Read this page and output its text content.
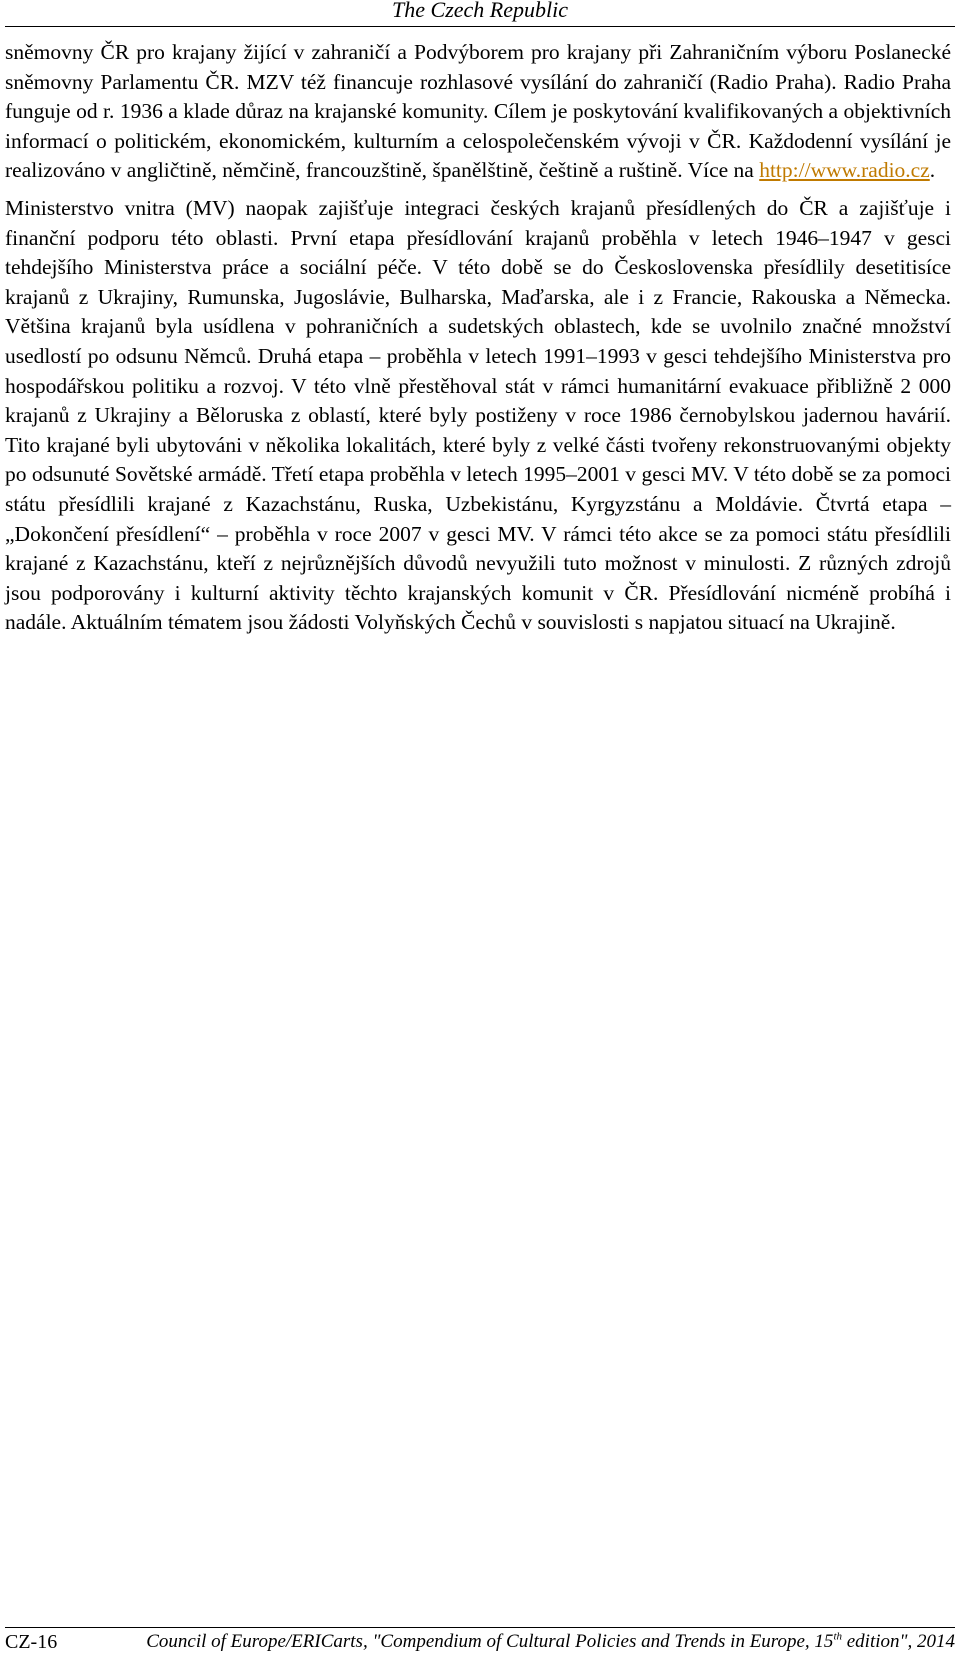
The Czech Republic

sněmovny ČR pro krajany žijící v zahraničí a Podvýborem pro krajany při Zahraničním výboru Poslanecké sněmovny Parlamentu ČR. MZV též financuje rozhlasové vysílání do zahraničí (Radio Praha). Radio Praha funguje od r. 1936 a klade důraz na krajanské komunity. Cílem je poskytování kvalifikovaných a objektivních informací o politickém, ekonomickém, kulturním a celospolečenském vývoji v ČR. Každodenní vysílání je realizováno v angličtině, němčině, francouzštině, španělštině, češtině a ruštině. Více na http://www.radio.cz.

Ministerstvo vnitra (MV) naopak zajišťuje integraci českých krajanů přesídlených do ČR a zajišťuje i finanční podporu této oblasti. První etapa přesídlování krajanů proběhla v letech 1946–1947 v gesci tehdejšího Ministerstva práce a sociální péče. V této době se do Československa přesídlily desetitisíce krajanů z Ukrajiny, Rumunska, Jugoslávie, Bulharska, Maďarska, ale i z Francie, Rakouska a Německa. Většina krajanů byla usídlena v pohraničních a sudetských oblastech, kde se uvolnilo značné množství usedlostí po odsunu Němců. Druhá etapa – proběhla v letech 1991–1993 v gesci tehdejšího Ministerstva pro hospodářskou politiku a rozvoj. V této vlně přestěhoval stát v rámci humanitární evakuace přibližně 2 000 krajanů z Ukrajiny a Běloruska z oblastí, které byly postiženy v roce 1986 černobylskou jadernou havárií. Tito krajané byli ubytováni v několika lokalitách, které byly z velké části tvořeny rekonstruovanými objekty po odsunuté Sovětské armádě. Třetí etapa proběhla v letech 1995–2001 v gesci MV. V této době se za pomoci státu přesídlili krajané z Kazachstánu, Ruska, Uzbekistánu, Kyrgyzstánu a Moldávie. Čtvrtá etapa – „Dokončení přesídlení“ – proběhla v roce 2007 v gesci MV. V rámci této akce se za pomoci státu přesídlili krajané z Kazachstánu, kteří z nejrůznějších důvodů nevyužili tuto možnost v minulosti. Z různých zdrojů jsou podporovány i kulturní aktivity těchto krajanských komunit v ČR. Přesídlování nicméně probíhá i nadále. Aktuálním tématem jsou žádosti Volyňských Čechů v souvislosti s napjatou situací na Ukrajině.

CZ-16	Council of Europe/ERICarts, "Compendium of Cultural Policies and Trends in Europe, 15th edition", 2014
